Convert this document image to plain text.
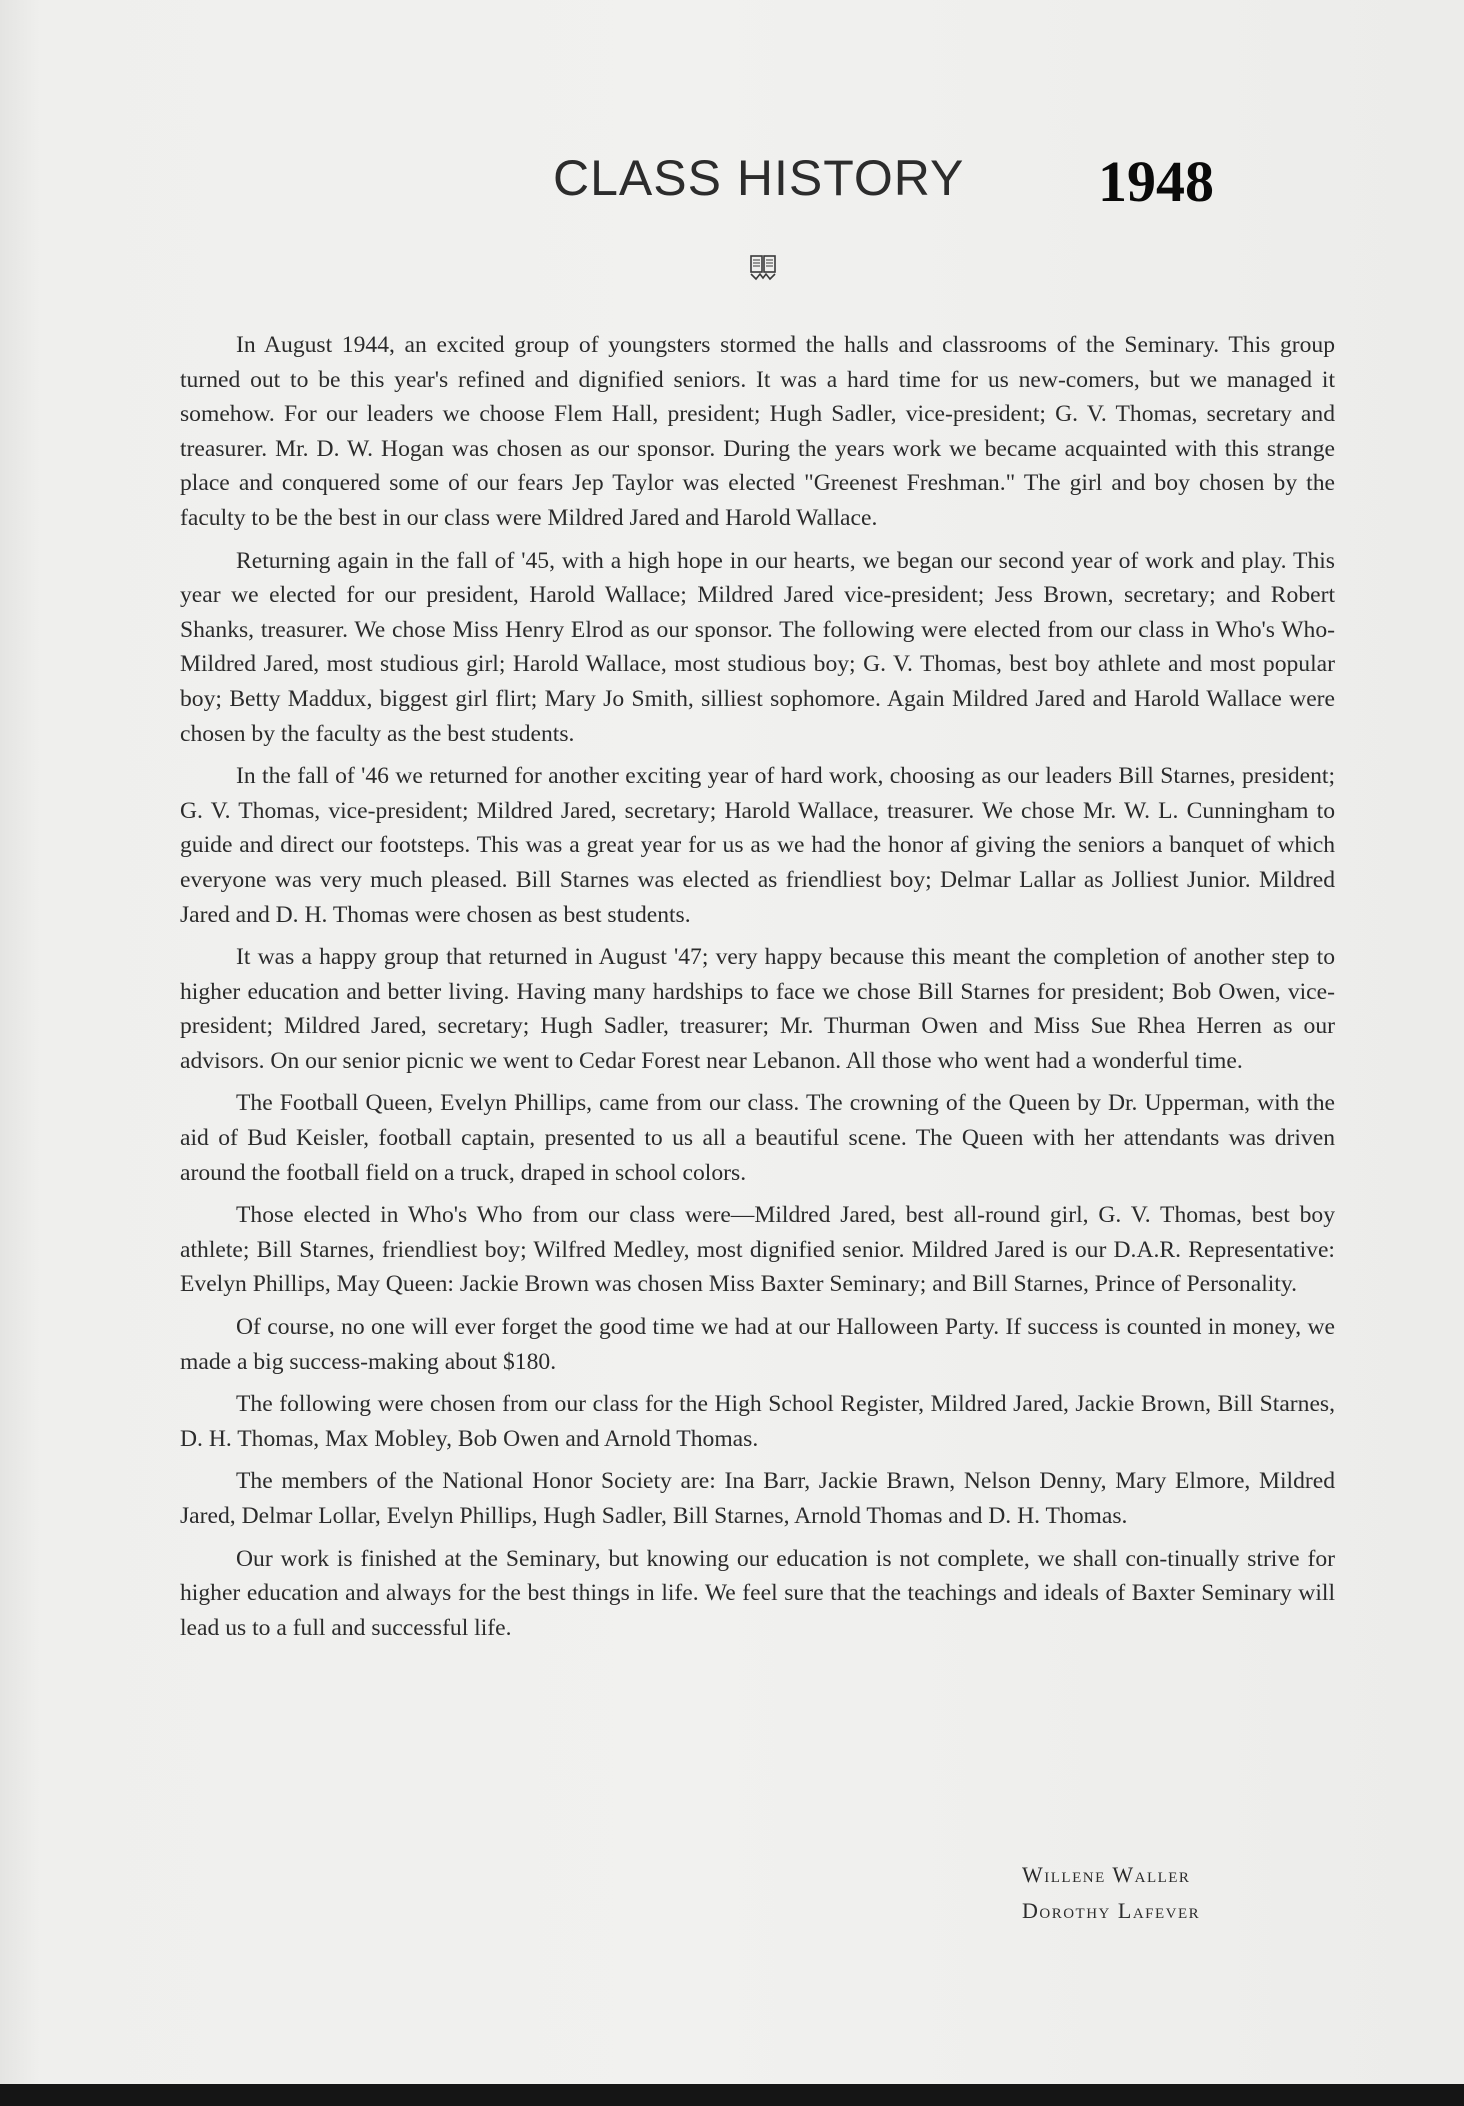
CLASS HISTORY 1948

In August 1944, an excited group of youngsters stormed the halls and classrooms of the Seminary. This group turned out to be this year's refined and dignified seniors. It was a hard time for us new-comers, but we managed it somehow. For our leaders we choose Flem Hall, president; Hugh Sadler, vice-president; G. V. Thomas, secretary and treasurer. Mr. D. W. Hogan was chosen as our sponsor. During the years work we became acquainted with this strange place and conquered some of our fears Jep Taylor was elected "Greenest Freshman." The girl and boy chosen by the faculty to be the best in our class were Mildred Jared and Harold Wallace.

Returning again in the fall of '45, with a high hope in our hearts, we began our second year of work and play. This year we elected for our president, Harold Wallace; Mildred Jared vice-president; Jess Brown, secretary; and Robert Shanks, treasurer. We chose Miss Henry Elrod as our sponsor. The following were elected from our class in Who's Who-Mildred Jared, most studious girl; Harold Wallace, most studious boy; G. V. Thomas, best boy athlete and most popular boy; Betty Maddux, biggest girl flirt; Mary Jo Smith, silliest sophomore. Again Mildred Jared and Harold Wallace were chosen by the faculty as the best students.

In the fall of '46 we returned for another exciting year of hard work, choosing as our leaders Bill Starnes, president; G. V. Thomas, vice-president; Mildred Jared, secretary; Harold Wallace, treasurer. We chose Mr. W. L. Cunningham to guide and direct our footsteps. This was a great year for us as we had the honor af giving the seniors a banquet of which everyone was very much pleased. Bill Starnes was elected as friendliest boy; Delmar Lallar as Jolliest Junior. Mildred Jared and D. H. Thomas were chosen as best students.

It was a happy group that returned in August '47; very happy because this meant the completion of another step to higher education and better living. Having many hardships to face we chose Bill Starnes for president; Bob Owen, vice-president; Mildred Jared, secretary; Hugh Sadler, treasurer; Mr. Thurman Owen and Miss Sue Rhea Herren as our advisors. On our senior picnic we went to Cedar Forest near Lebanon. All those who went had a wonderful time.

The Football Queen, Evelyn Phillips, came from our class. The crowning of the Queen by Dr. Upperman, with the aid of Bud Keisler, football captain, presented to us all a beautiful scene. The Queen with her attendants was driven around the football field on a truck, draped in school colors.

Those elected in Who's Who from our class were—Mildred Jared, best all-round girl, G. V. Thomas, best boy athlete; Bill Starnes, friendliest boy; Wilfred Medley, most dignified senior. Mildred Jared is our D.A.R. Representative: Evelyn Phillips, May Queen: Jackie Brown was chosen Miss Baxter Seminary; and Bill Starnes, Prince of Personality.

Of course, no one will ever forget the good time we had at our Halloween Party. If success is counted in money, we made a big success-making about $180.

The following were chosen from our class for the High School Register, Mildred Jared, Jackie Brown, Bill Starnes, D. H. Thomas, Max Mobley, Bob Owen and Arnold Thomas.

The members of the National Honor Society are: Ina Barr, Jackie Brawn, Nelson Denny, Mary Elmore, Mildred Jared, Delmar Lollar, Evelyn Phillips, Hugh Sadler, Bill Starnes, Arnold Thomas and D. H. Thomas.

Our work is finished at the Seminary, but knowing our education is not complete, we shall con-tinually strive for higher education and always for the best things in life. We feel sure that the teachings and ideals of Baxter Seminary will lead us to a full and successful life.

Willene Waller
Dorothy Lafever
